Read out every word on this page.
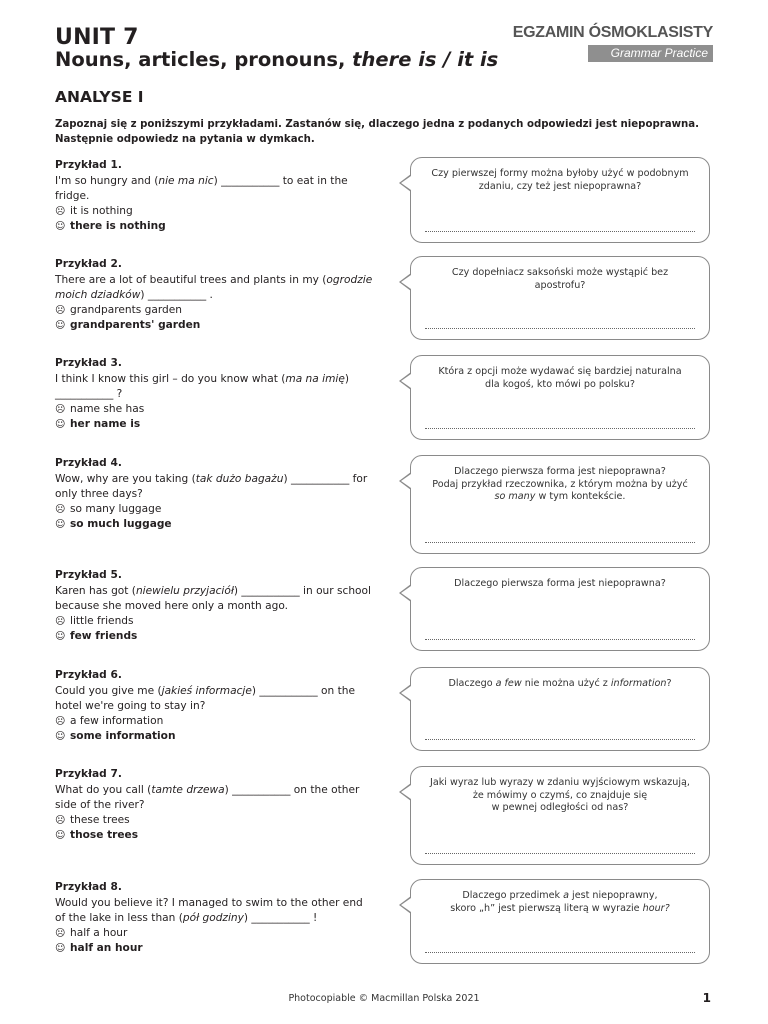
UNIT 7
Nouns, articles, pronouns, there is / it is
EGZAMIN ÓSMOKLASISTY
Grammar Practice
ANALYSE I
Zapoznaj się z poniższymi przykładami. Zastanów się, dlaczego jedna z podanych odpowiedzi jest niepoprawna. Następnie odpowiedz na pytania w dymkach.
Przykład 1.
I'm so hungry and (nie ma nic) ___________ to eat in the fridge.
☹ it is nothing
☺ there is nothing
Czy pierwszej formy można byłoby użyć w podobnym
zdaniu, czy też jest niepoprawna?
Przykład 2.
There are a lot of beautiful trees and plants in my (ogrodzie moich dziadków) ___________ .
☹ grandparents garden
☺ grandparents' garden
Czy dopełniacz saksoński może wystąpić bez apostrofu?
Przykład 3.
I think I know this girl – do you know what (ma na imię) ___________ ?
☹ name she has
☺ her name is
Która z opcji może wydawać się bardziej naturalna
dla kogoś, kto mówi po polsku?
Przykład 4.
Wow, why are you taking (tak dużo bagażu) ___________ for only three days?
☹ so many luggage
☺ so much luggage
Dlaczego pierwsza forma jest niepoprawna?
Podaj przykład rzeczownika, z którym można by użyć
so many w tym kontekście.
Przykład 5.
Karen has got (niewielu przyjaciół) ___________ in our school because she moved here only a month ago.
☹ little friends
☺ few friends
Dlaczego pierwsza forma jest niepoprawna?
Przykład 6.
Could you give me (jakieś informacje) ___________ on the hotel we're going to stay in?
☹ a few information
☺ some information
Dlaczego a few nie można użyć z information?
Przykład 7.
What do you call (tamte drzewa) ___________ on the other side of the river?
☹ these trees
☺ those trees
Jaki wyraz lub wyrazy w zdaniu wyjściowym wskazują,
że mówimy o czymś, co znajduje się
w pewnej odległości od nas?
Przykład 8.
Would you believe it? I managed to swim to the other end of the lake in less than (pół godziny) ___________ !
☹ half a hour
☺ half an hour
Dlaczego przedimek a jest niepoprawny,
skoro „h” jest pierwszą literą w wyrazie hour?
Photocopiable © Macmillan Polska 2021	1
